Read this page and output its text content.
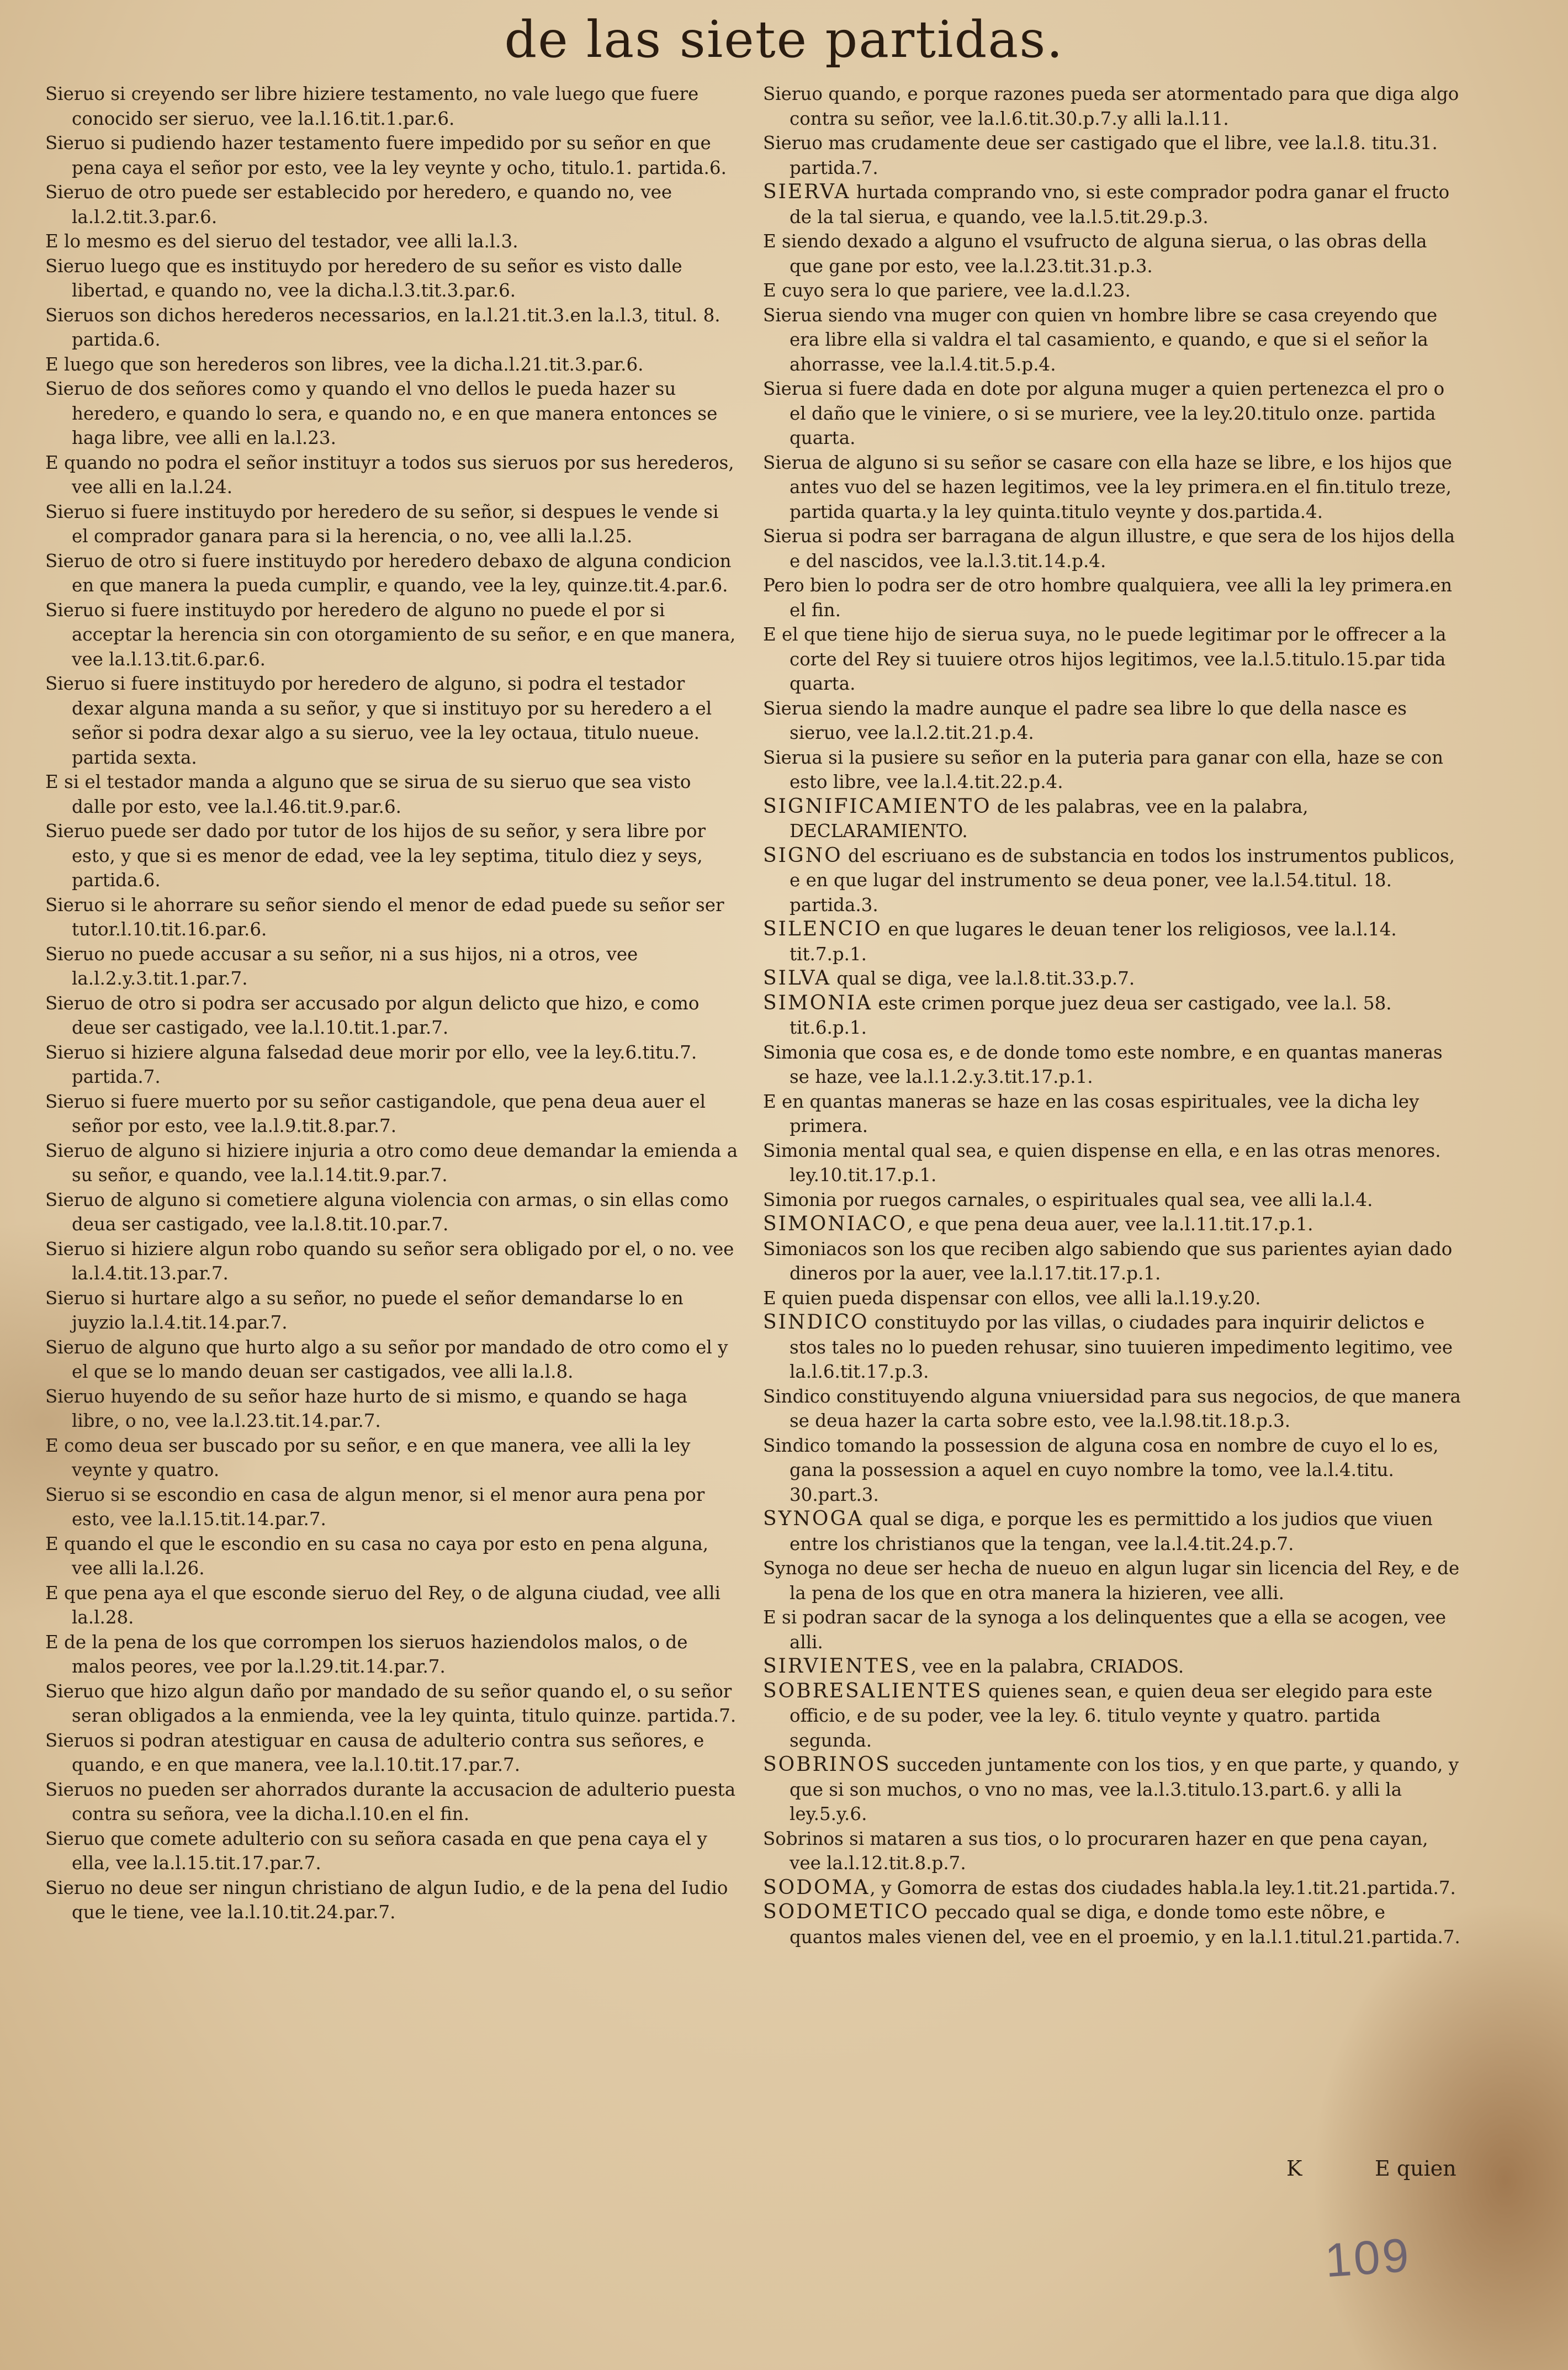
de las siete partidas.
Sieruo si creyendo ser libre hiziere testamento, no vale luego que fuere conocido ser sieruo, vee la.l.16.tit.1.par.6.
Sieruo si pudiendo hazer testamento fuere impedido por su señor en que pena caya el señor por esto, vee la ley veynte y ocho, titulo.1. partida.6.
Sieruo de otro puede ser establecido por heredero, e quando no, vee la.l.2.tit.3.par.6.
E lo mesmo es del sieruo del testador, vee alli la.l.3.
Sieruo luego que es instituydo por heredero de su señor es visto dalle libertad, e quando no, vee la dicha.l.3.tit.3.par.6.
Sieruos son dichos herederos necessarios, en la.l.21.tit.3.en la.l.3, titul. 8. partida.6.
E luego que son herederos son libres, vee la dicha.l.21.tit.3.par.6.
Sieruo de dos señores como y quando el vno dellos le pueda hazer su heredero, e quando lo sera, e quando no, e en que manera entonces se haga libre, vee alli en la.l.23.
E quando no podra el señor instituyr a todos sus sieruos por sus herederos, vee alli en la.l.24.
Sieruo si fuere instituydo por heredero de su señor, si despues le vende si el comprador ganara para si la herencia, o no, vee alli la.l.25.
Sieruo de otro si fuere instituydo por heredero debaxo de alguna condicion en que manera la pueda cumplir, e quando, vee la ley, quinze.tit.4.par.6.
Sieruo si fuere instituydo por heredero de alguno no puede el por si acceptar la herencia sin con otorgamiento de su señor, e en que manera, vee la.l.13.tit.6.par.6.
Sieruo si fuere instituydo por heredero de alguno, si podra el testador dexar alguna manda a su señor, y que si instituyo por su heredero a el señor si podra dexar algo a su sieruo, vee la ley octaua, titulo nueue. partida sexta.
E si el testador manda a alguno que se sirua de su sieruo que sea visto dalle por esto, vee la.l.46.tit.9.par.6.
Sieruo puede ser dado por tutor de los hijos de su señor, y sera libre por esto, y que si es menor de edad, vee la ley septima, titulo diez y seys, partida.6.
Sieruo si le ahorrare su señor siendo el menor de edad puede su señor ser tutor.l.10.tit.16.par.6.
Sieruo no puede accusar a su señor, ni a sus hijos, ni a otros, vee la.l.2.y.3.tit.1.par.7.
Sieruo de otro si podra ser accusado por algun delicto que hizo, e como deue ser castigado, vee la.l.10.tit.1.par.7.
Sieruo si hiziere alguna falsedad deue morir por ello, vee la ley.6.titu.7. partida.7.
Sieruo si fuere muerto por su señor castigandole, que pena deua auer el señor por esto, vee la.l.9.tit.8.par.7.
Sieruo de alguno si hiziere injuria a otro como deue demandar la emienda a su señor, e quando, vee la.l.14.tit.9.par.7.
Sieruo de alguno si cometiere alguna violencia con armas, o sin ellas como deua ser castigado, vee la.l.8.tit.10.par.7.
Sieruo si hiziere algun robo quando su señor sera obligado por el, o no. vee la.l.4.tit.13.par.7.
Sieruo si hurtare algo a su señor, no puede el señor demandarse lo en juyzio la.l.4.tit.14.par.7.
Sieruo de alguno que hurto algo a su señor por mandado de otro como el y el que se lo mando deuan ser castigados, vee alli la.l.8.
Sieruo huyendo de su señor haze hurto de si mismo, e quando se haga libre, o no, vee la.l.23.tit.14.par.7.
E como deua ser buscado por su señor, e en que manera, vee alli la ley veynte y quatro.
Sieruo si se escondio en casa de algun menor, si el menor aura pena por esto, vee la.l.15.tit.14.par.7.
E quando el que le escondio en su casa no caya por esto en pena alguna, vee alli la.l.26.
E que pena aya el que esconde sieruo del Rey, o de alguna ciudad, vee alli la.l.28.
E de la pena de los que corrompen los sieruos haziendolos malos, o de malos peores, vee por la.l.29.tit.14.par.7.
Sieruo que hizo algun daño por mandado de su señor quando el, o su señor seran obligados a la enmienda, vee la ley quinta, titulo quinze. partida.7.
Sieruos si podran atestiguar en causa de adulterio contra sus señores, e quando, e en que manera, vee la.l.10.tit.17.par.7.
Sieruos no pueden ser ahorrados durante la accusacion de adulterio puesta contra su señora, vee la dicha.l.10.en el fin.
Sieruo que comete adulterio con su señora casada en que pena caya el y ella, vee la.l.15.tit.17.par.7.
Sieruo no deue ser ningun christiano de algun Iudio, e de la pena del Iudio que le tiene, vee la.l.10.tit.24.par.7.
Sieruo quando, e porque razones pueda ser atormentado para que diga algo contra su señor, vee la.l.6.tit.30.p.7.y alli la.l.11.
Sieruo mas crudamente deue ser castigado que el libre, vee la.l.8. titu.31. partida.7.
SIERVA hurtada comprando vno, si este comprador podra ganar el fructo de la tal sierua, e quando, vee la.l.5.tit.29.p.3.
E siendo dexado a alguno el vsufructo de alguna sierua, o las obras della que gane por esto, vee la.l.23.tit.31.p.3.
E cuyo sera lo que pariere, vee la.d.l.23.
Sierua siendo vna muger con quien vn hombre libre se casa creyendo que era libre ella si valdra el tal casamiento, e quando, e que si el señor la ahorrasse, vee la.l.4.tit.5.p.4.
Sierua si fuere dada en dote por alguna muger a quien pertenezca el pro o el daño que le viniere, o si se muriere, vee la ley.20.titulo onze. partida quarta.
Sierua de alguno si su señor se casare con ella haze se libre, e los hijos que antes vuo del se hazen legitimos, vee la ley primera.en el fin.titulo treze, partida quarta.y la ley quinta.titulo veynte y dos.partida.4.
Sierua si podra ser barragana de algun illustre, e que sera de los hijos della e del nascidos, vee la.l.3.tit.14.p.4.
Pero bien lo podra ser de otro hombre qualquiera, vee alli la ley primera.en el fin.
E el que tiene hijo de sierua suya, no le puede legitimar por le offrecer a la corte del Rey si tuuiere otros hijos legitimos, vee la.l.5.titulo.15.par tida quarta.
Sierua siendo la madre aunque el padre sea libre lo que della nasce es sieruo, vee la.l.2.tit.21.p.4.
Sierua si la pusiere su señor en la puteria para ganar con ella, haze se con esto libre, vee la.l.4.tit.22.p.4.
SIGNIFICAMIENTO de les palabras, vee en la palabra, DECLARAMIENTO.
SIGNO del escriuano es de substancia en todos los instrumentos publicos, e en que lugar del instrumento se deua poner, vee la.l.54.titul. 18. partida.3.
SILENCIO en que lugares le deuan tener los religiosos, vee la.l.14. tit.7.p.1.
SILVA qual se diga, vee la.l.8.tit.33.p.7.
SIMONIA este crimen porque juez deua ser castigado, vee la.l. 58. tit.6.p.1.
Simonia que cosa es, e de donde tomo este nombre, e en quantas maneras se haze, vee la.l.1.2.y.3.tit.17.p.1.
E en quantas maneras se haze en las cosas espirituales, vee la dicha ley primera.
Simonia mental qual sea, e quien dispense en ella, e en las otras menores. ley.10.tit.17.p.1.
Simonia por ruegos carnales, o espirituales qual sea, vee alli la.l.4.
SIMONIACO, e que pena deua auer, vee la.l.11.tit.17.p.1.
Simoniacos son los que reciben algo sabiendo que sus parientes ayian dado dineros por la auer, vee la.l.17.tit.17.p.1.
E quien pueda dispensar con ellos, vee alli la.l.19.y.20.
SINDICO constituydo por las villas, o ciudades para inquirir delictos e stos tales no lo pueden rehusar, sino tuuieren impedimento legitimo, vee la.l.6.tit.17.p.3.
Sindico constituyendo alguna vniuersidad para sus negocios, de que manera se deua hazer la carta sobre esto, vee la.l.98.tit.18.p.3.
Sindico tomando la possession de alguna cosa en nombre de cuyo el lo es, gana la possession a aquel en cuyo nombre la tomo, vee la.l.4.titu. 30.part.3.
SYNOGA qual se diga, e porque les es permittido a los judios que viuen entre los christianos que la tengan, vee la.l.4.tit.24.p.7.
Synoga no deue ser hecha de nueuo en algun lugar sin licencia del Rey, e de la pena de los que en otra manera la hizieren, vee alli.
E si podran sacar de la synoga a los delinquentes que a ella se acogen, vee alli.
SIRVIENTES, vee en la palabra, CRIADOS.
SOBRESALIENTES quienes sean, e quien deua ser elegido para este officio, e de su poder, vee la ley. 6. titulo veynte y quatro. partida segunda.
SOBRINOS succeden juntamente con los tios, y en que parte, y quando, y que si son muchos, o vno no mas, vee la.l.3.titulo.13.part.6. y alli la ley.5.y.6.
Sobrinos si mataren a sus tios, o lo procuraren hazer en que pena cayan, vee la.l.12.tit.8.p.7.
SODOMA, y Gomorra de estas dos ciudades habla.la ley.1.tit.21.partida.7.
SODOMETICO peccado qual se diga, e donde tomo este nõbre, e quantos males vienen del, vee en el proemio, y en la.l.1.titul.21.partida.7.
K	E quien
109
